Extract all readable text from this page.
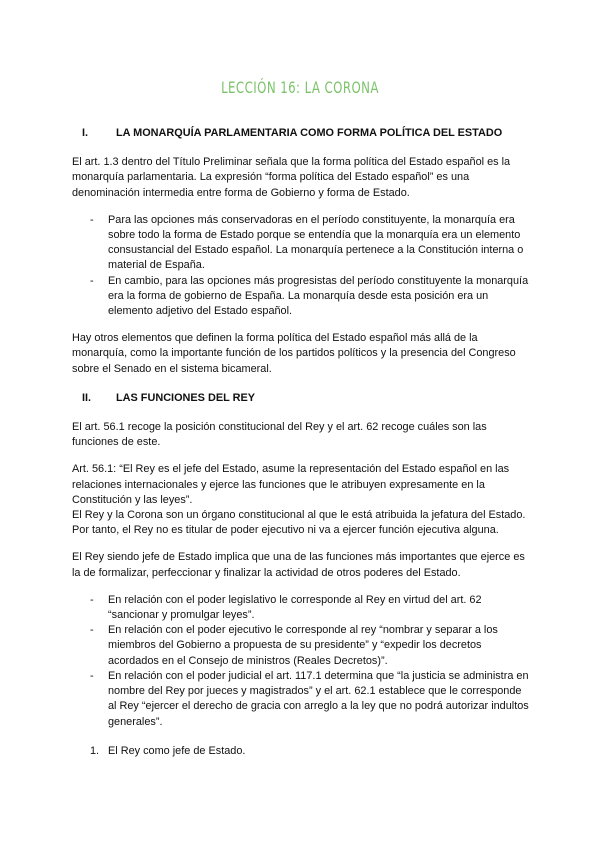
LECCIÓN 16: LA CORONA
I.	LA MONARQUÍA PARLAMENTARIA COMO FORMA POLÍTICA DEL ESTADO

El art. 1.3 dentro del Título Preliminar señala que la forma política del Estado español es la monarquía parlamentaria. La expresión “forma política del Estado español” es una denominación intermedia entre forma de Gobierno y forma de Estado.

- Para las opciones más conservadoras en el período constituyente, la monarquía era sobre todo la forma de Estado porque se entendía que la monarquía era un elemento consustancial del Estado español. La monarquía pertenece a la Constitución interna o material de España.
- En cambio, para las opciones más progresistas del período constituyente la monarquía era la forma de gobierno de España. La monarquía desde esta posición era un elemento adjetivo del Estado español.

Hay otros elementos que definen la forma política del Estado español más allá de la monarquía, como la importante función de los partidos políticos y la presencia del Congreso sobre el Senado en el sistema bicameral.

II.	LAS FUNCIONES DEL REY

El art. 56.1 recoge la posición constitucional del Rey y el art. 62 recoge cuáles son las funciones de este.

Art. 56.1: “El Rey es el jefe del Estado, asume la representación del Estado español en las relaciones internacionales y ejerce las funciones que le atribuyen expresamente en la Constitución y las leyes”.

El Rey y la Corona son un órgano constitucional al que le está atribuida la jefatura del Estado. Por tanto, el Rey no es titular de poder ejecutivo ni va a ejercer función ejecutiva alguna.

El Rey siendo jefe de Estado implica que una de las funciones más importantes que ejerce es la de formalizar, perfeccionar y finalizar la actividad de otros poderes del Estado.

- En relación con el poder legislativo le corresponde al Rey en virtud del art. 62 “sancionar y promulgar leyes”.
- En relación con el poder ejecutivo le corresponde al rey “nombrar y separar a los miembros del Gobierno a propuesta de su presidente” y “expedir los decretos acordados en el Consejo de ministros (Reales Decretos)”.
- En relación con el poder judicial el art. 117.1 determina que “la justicia se administra en nombre del Rey por jueces y magistrados” y el art. 62.1 establece que le corresponde al Rey “ejercer el derecho de gracia con arreglo a la ley que no podrá autorizar indultos generales”.
1. El Rey como jefe de Estado.
